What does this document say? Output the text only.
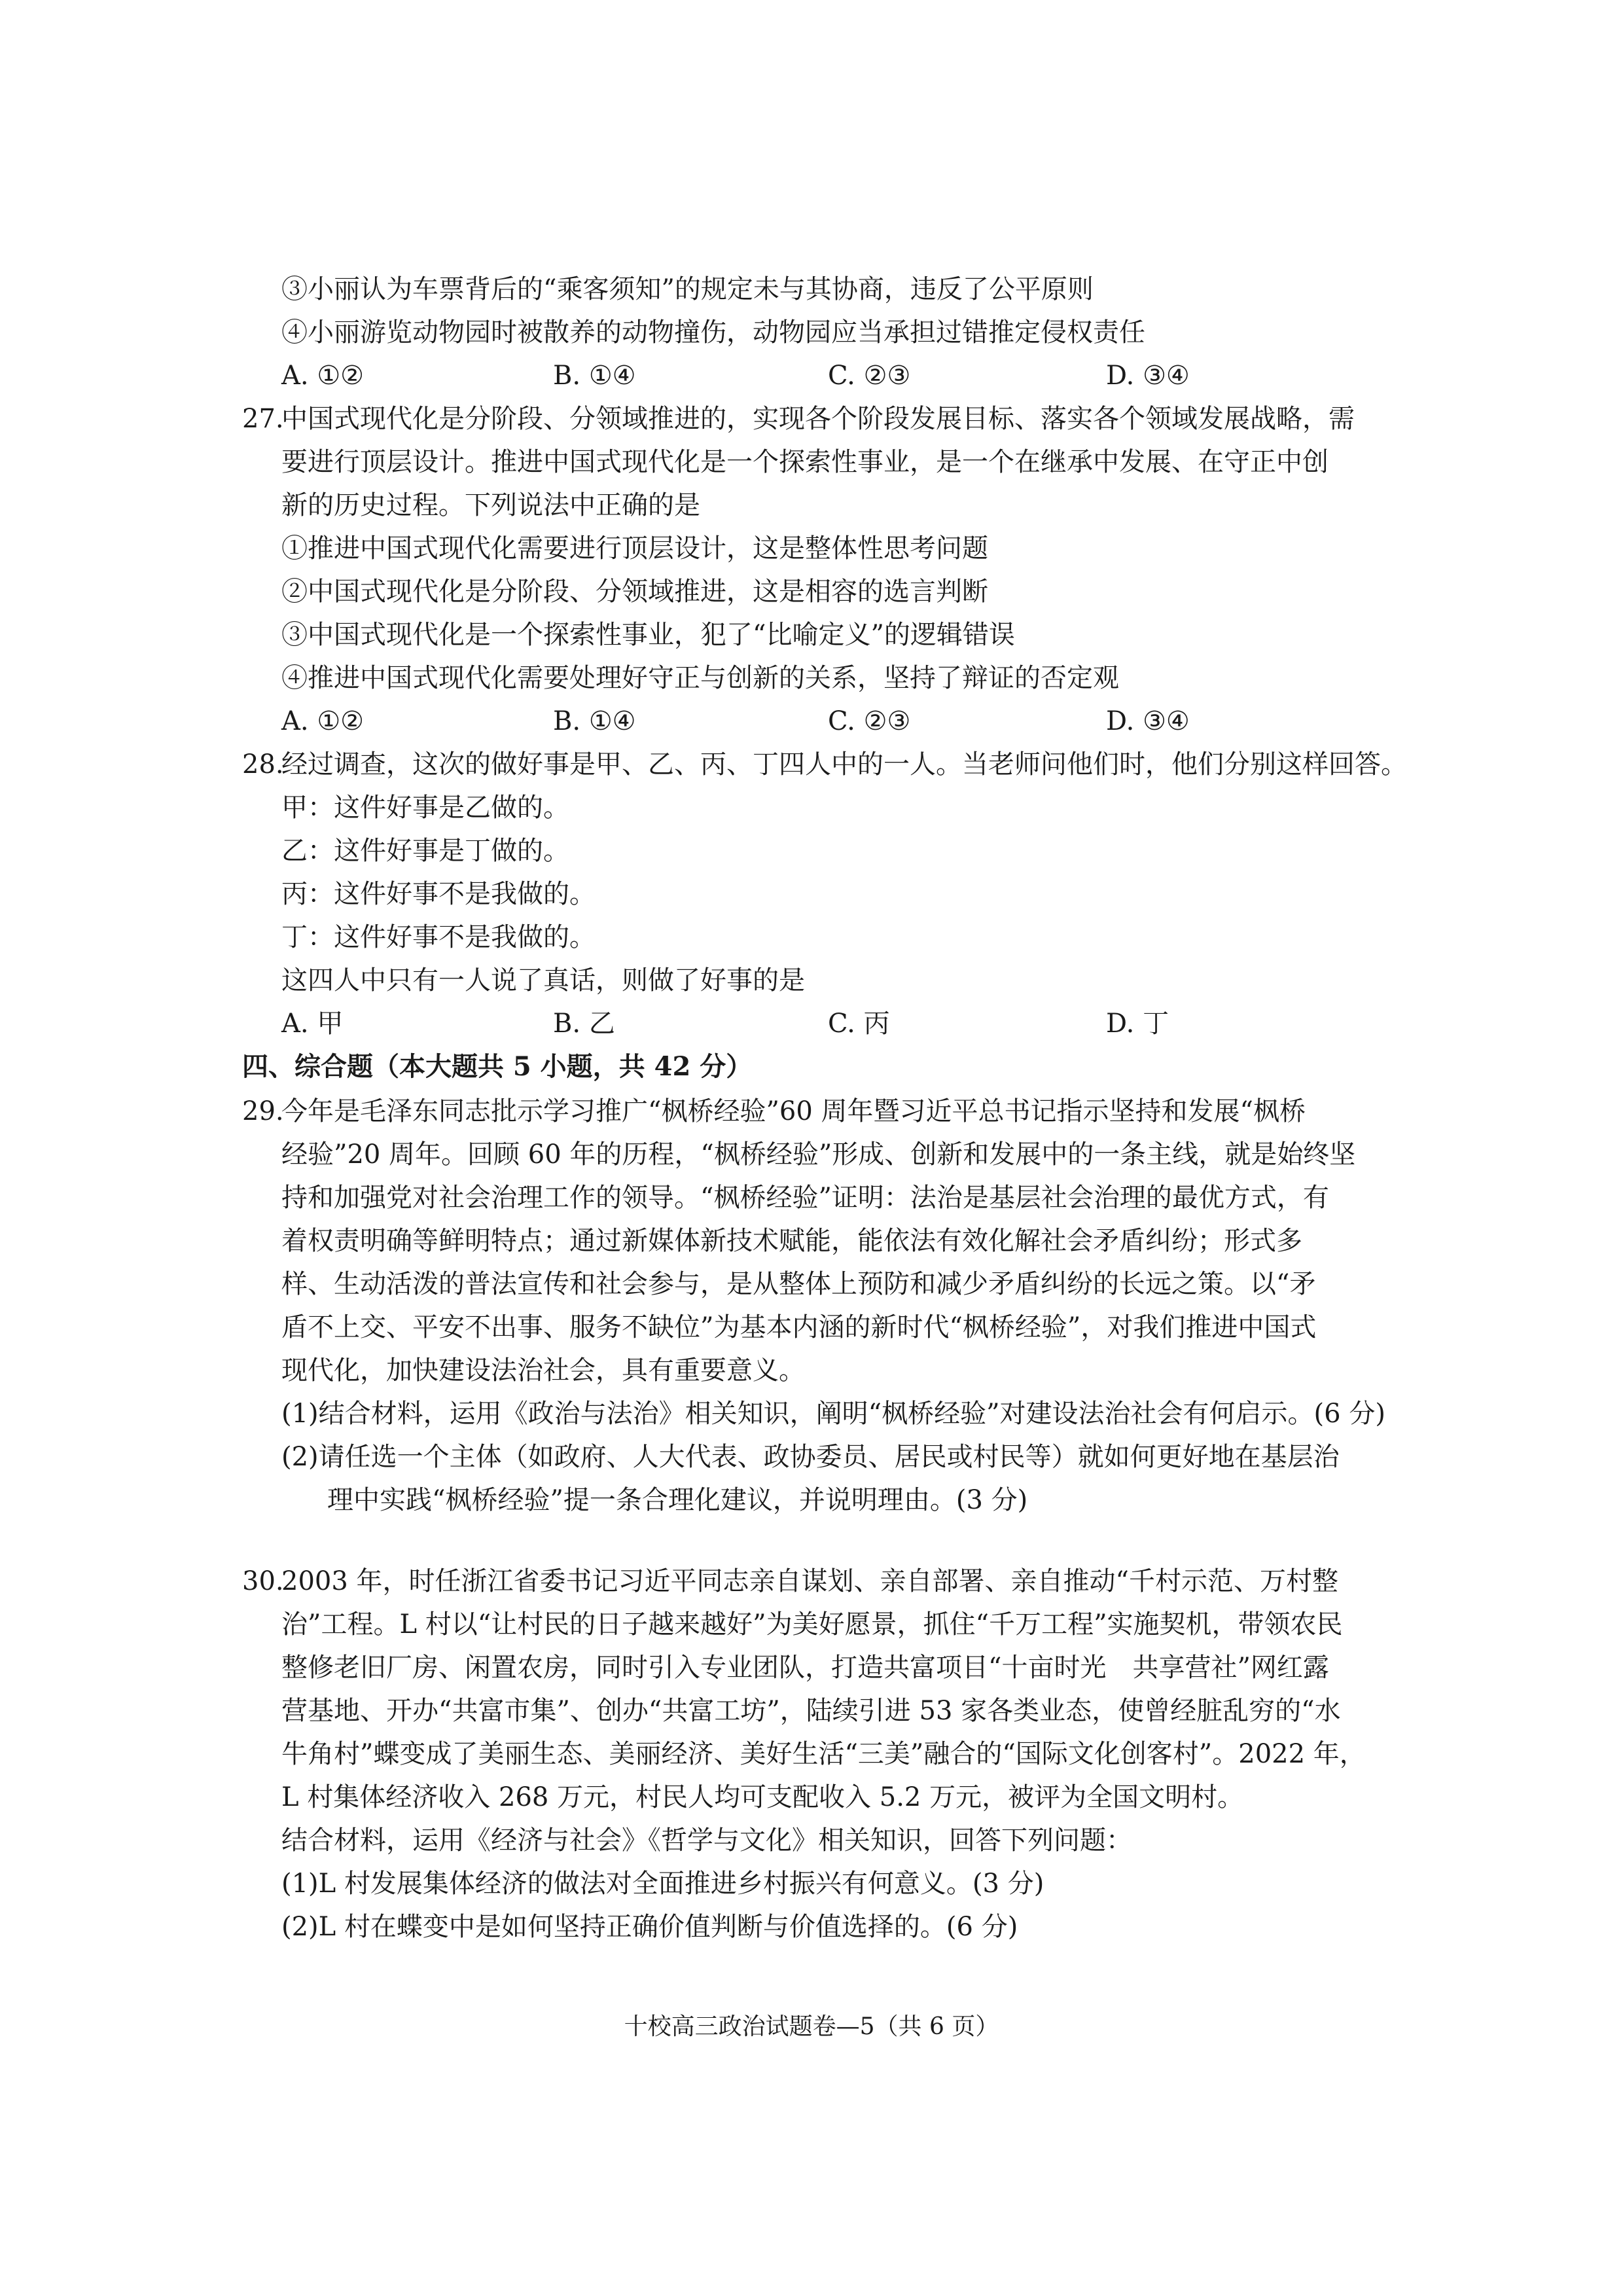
③小丽认为车票背后的“乘客须知”的规定未与其协商，违反了公平原则
④小丽游览动物园时被散养的动物撞伤，动物园应当承担过错推定侵权责任
A. ①②	B. ①④	C. ②③	D. ③④
27.
中国式现代化是分阶段、分领域推进的，实现各个阶段发展目标、落实各个领域发展战略，需
要进行顶层设计。推进中国式现代化是一个探索性事业，是一个在继承中发展、在守正中创
新的历史过程。下列说法中正确的是
①推进中国式现代化需要进行顶层设计，这是整体性思考问题
②中国式现代化是分阶段、分领域推进，这是相容的选言判断
③中国式现代化是一个探索性事业，犯了“比喻定义”的逻辑错误
④推进中国式现代化需要处理好守正与创新的关系，坚持了辩证的否定观
A. ①②	B. ①④	C. ②③	D. ③④
28.
经过调查，这次的做好事是甲、乙、丙、丁四人中的一人。当老师问他们时，他们分别这样回答。
甲：这件好事是乙做的。
乙：这件好事是丁做的。
丙：这件好事不是我做的。
丁：这件好事不是我做的。
这四人中只有一人说了真话，则做了好事的是
A. 甲	B. 乙	C. 丙	D. 丁
四、综合题（本大题共 5 小题，共 42 分）
29.
今年是毛泽东同志批示学习推广“枫桥经验”60 周年暨习近平总书记指示坚持和发展“枫桥
经验”20 周年。回顾 60 年的历程，“枫桥经验”形成、创新和发展中的一条主线，就是始终坚
持和加强党对社会治理工作的领导。“枫桥经验”证明：法治是基层社会治理的最优方式，有
着权责明确等鲜明特点；通过新媒体新技术赋能，能依法有效化解社会矛盾纠纷；形式多
样、生动活泼的普法宣传和社会参与，是从整体上预防和减少矛盾纠纷的长远之策。以“矛
盾不上交、平安不出事、服务不缺位”为基本内涵的新时代“枫桥经验”，对我们推进中国式
现代化，加快建设法治社会，具有重要意义。
(1)结合材料，运用《政治与法治》相关知识，阐明“枫桥经验”对建设法治社会有何启示。(6 分)
(2)请任选一个主体（如政府、人大代表、政协委员、居民或村民等）就如何更好地在基层治
理中实践“枫桥经验”提一条合理化建议，并说明理由。(3 分)
30.
2003 年，时任浙江省委书记习近平同志亲自谋划、亲自部署、亲自推动“千村示范、万村整
治”工程。L 村以“让村民的日子越来越好”为美好愿景，抓住“千万工程”实施契机，带领农民
整修老旧厂房、闲置农房，同时引入专业团队，打造共富项目“十亩时光　共享营社”网红露
营基地、开办“共富市集”、创办“共富工坊”，陆续引进 53 家各类业态，使曾经脏乱穷的“水
牛角村”蝶变成了美丽生态、美丽经济、美好生活“三美”融合的“国际文化创客村”。2022 年，
L 村集体经济收入 268 万元，村民人均可支配收入 5.2 万元，被评为全国文明村。
结合材料，运用《经济与社会》《哲学与文化》相关知识，回答下列问题：
(1)L 村发展集体经济的做法对全面推进乡村振兴有何意义。(3 分)
(2)L 村在蝶变中是如何坚持正确价值判断与价值选择的。(6 分)
十校高三政治试题卷—5（共 6 页）
